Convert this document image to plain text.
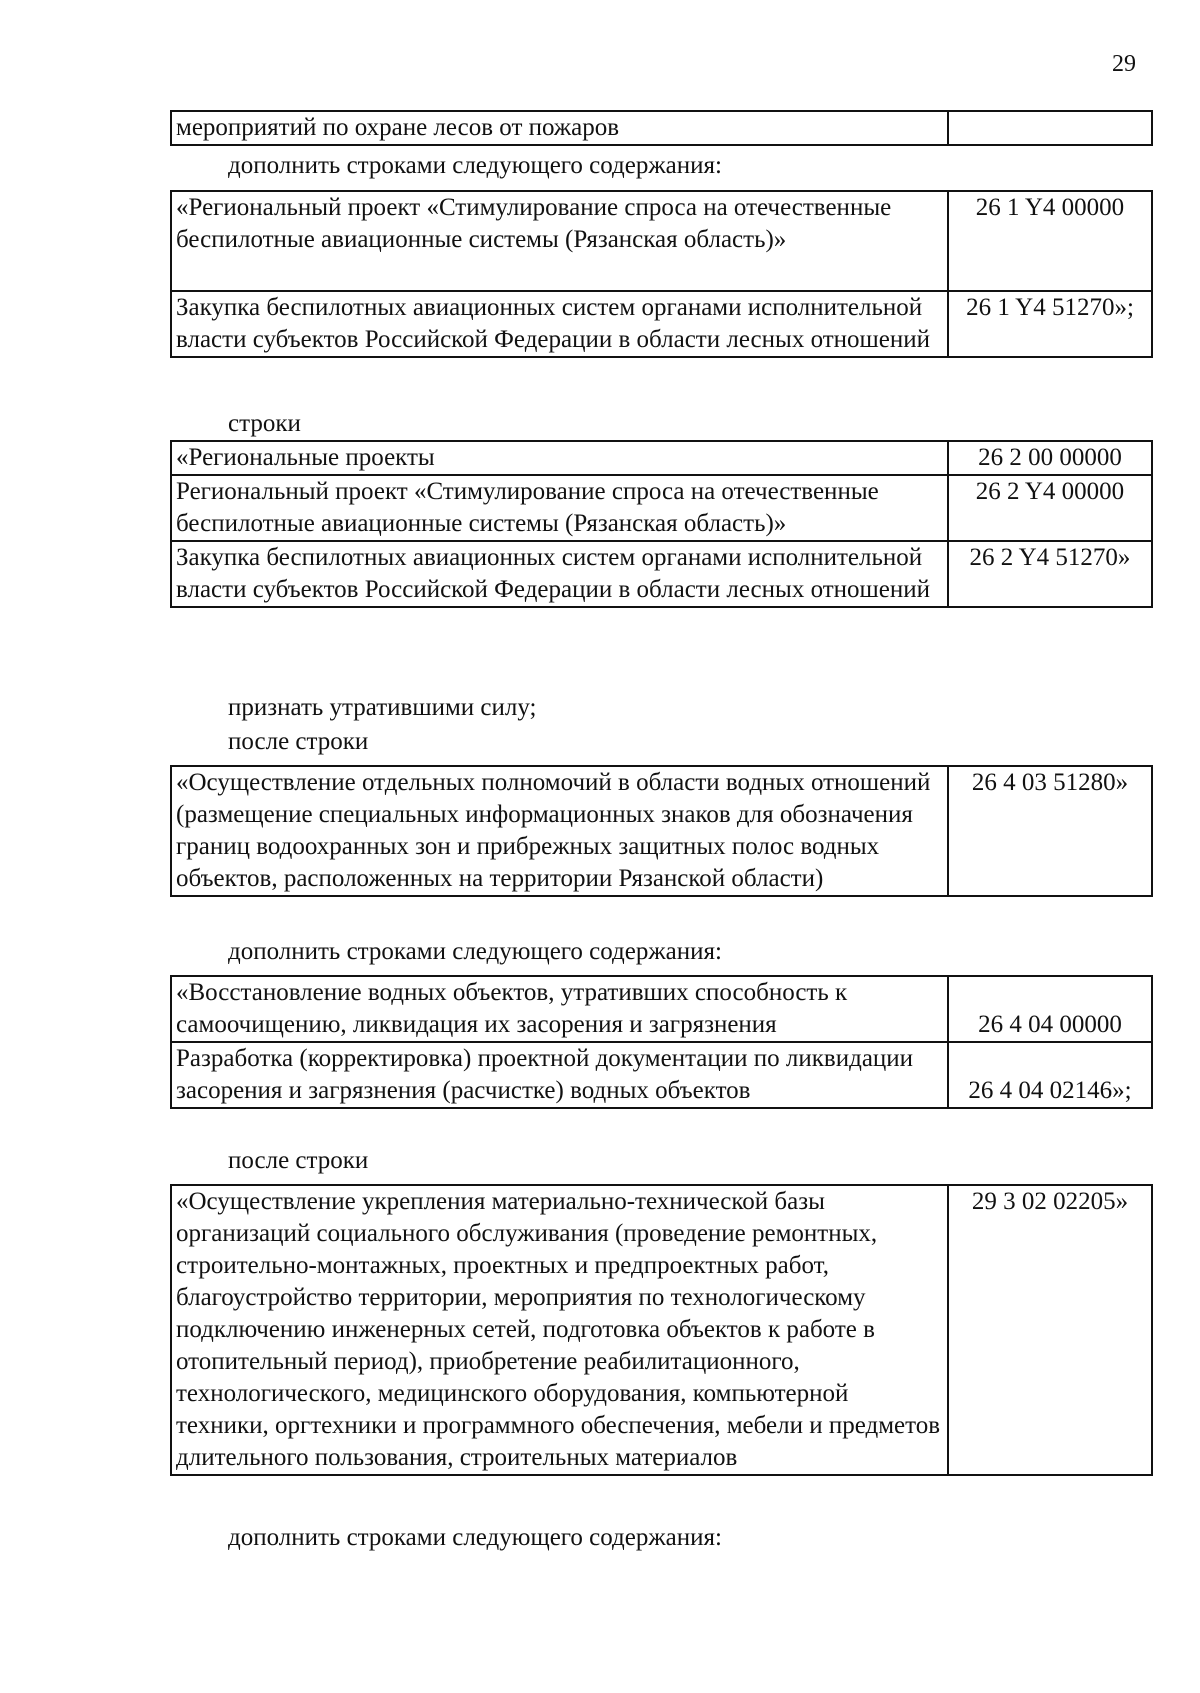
29
мероприятий по охране лесов от пожаров	
дополнить строками следующего содержания:
«Региональный проект «Стимулирование спроса на отечественные беспилотные авиационные системы (Рязанская область)»	26 1 Y4 00000
Закупка беспилотных авиационных систем органами исполнительной власти субъектов Российской Федерации в области лесных отношений	26 1 Y4 51270»;
строки
«Региональные проекты	26 2 00 00000
Региональный проект «Стимулирование спроса на отечественные беспилотные авиационные системы (Рязанская область)»	26 2 Y4 00000
Закупка беспилотных авиационных систем органами исполнительной власти субъектов Российской Федерации в области лесных отношений	26 2 Y4 51270»
признать утратившими силу;
после строки
«Осуществление отдельных полномочий в области водных отношений (размещение специальных информационных знаков для обозначения границ водоохранных зон и прибрежных защитных полос водных объектов, расположенных на территории Рязанской области)	26 4 03 51280»
дополнить строками следующего содержания:
«Восстановление водных объектов, утративших способность к самоочищению, ликвидация их засорения и загрязнения	26 4 04 00000
Разработка (корректировка) проектной документации по ликвидации засорения и загрязнения (расчистке) водных объектов	26 4 04 02146»;
после строки
«Осуществление укрепления материально-технической базы организаций социального обслуживания (проведение ремонтных, строительно-монтажных, проектных и предпроектных работ, благоустройство территории, мероприятия по технологическому подключению инженерных сетей, подготовка объектов к работе в отопительный период), приобретение реабилитационного, технологического, медицинского оборудования, компьютерной техники, оргтехники и программного обеспечения, мебели и предметов длительного пользования, строительных материалов	29 3 02 02205»
дополнить строками следующего содержания:
